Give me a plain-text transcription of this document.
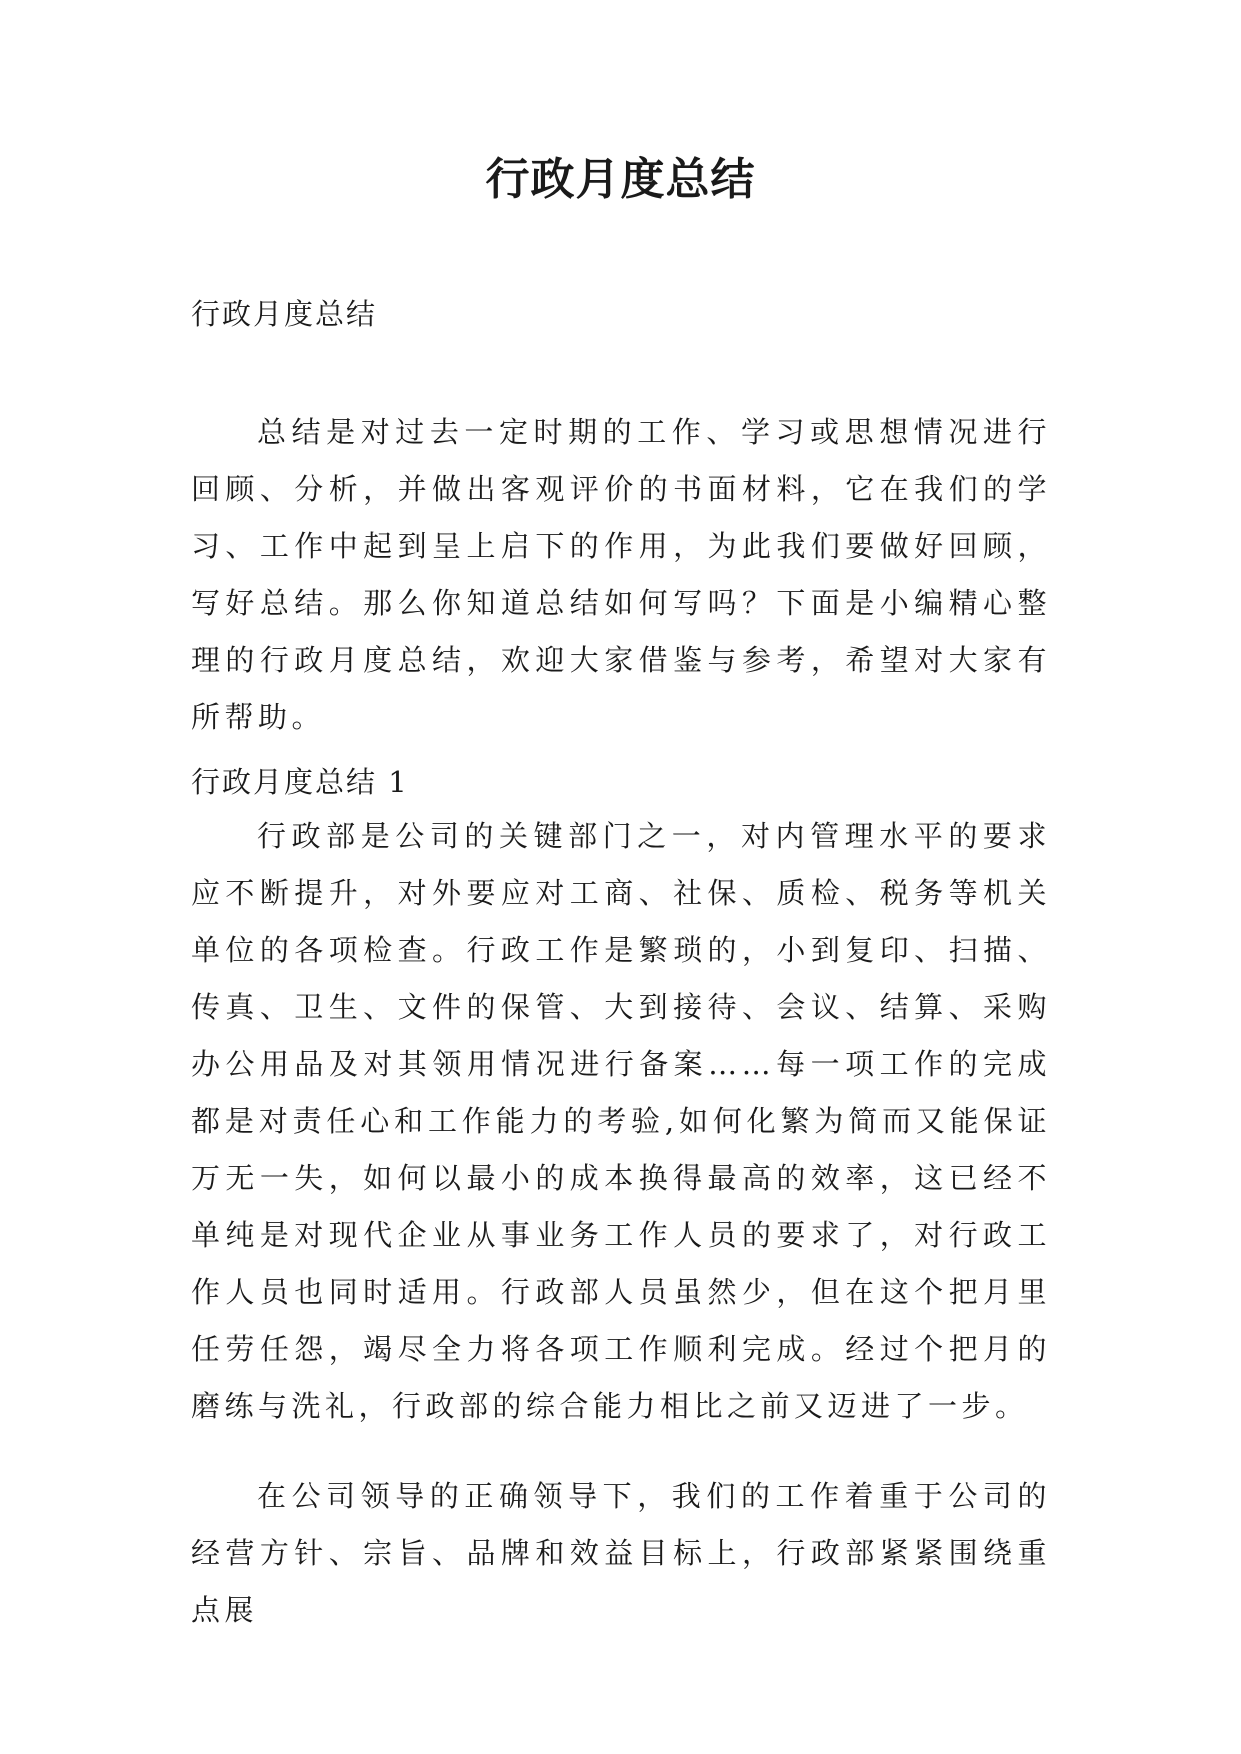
行政月度总结

行政月度总结

总结是对过去一定时期的工作、学习或思想情况进行回顾、分析，并做出客观评价的书面材料，它在我们的学习、工作中起到呈上启下的作用，为此我们要做好回顾，写好总结。那么你知道总结如何写吗？下面是小编精心整理的行政月度总结，欢迎大家借鉴与参考，希望对大家有所帮助。

行政月度总结 1

行政部是公司的关键部门之一，对内管理水平的要求应不断提升，对外要应对工商、社保、质检、税务等机关单位的各项检查。行政工作是繁琐的，小到复印、扫描、传真、卫生、文件的保管、大到接待、会议、结算、采购办公用品及对其领用情况进行备案……每一项工作的完成都是对责任心和工作能力的考验,如何化繁为简而又能保证万无一失，如何以最小的成本换得最高的效率，这已经不单纯是对现代企业从事业务工作人员的要求了，对行政工作人员也同时适用。行政部人员虽然少，但在这个把月里任劳任怨，竭尽全力将各项工作顺利完成。经过个把月的磨练与洗礼，行政部的综合能力相比之前又迈进了一步。

在公司领导的正确领导下，我们的工作着重于公司的经营方针、宗旨、品牌和效益目标上，行政部紧紧围绕重点展
